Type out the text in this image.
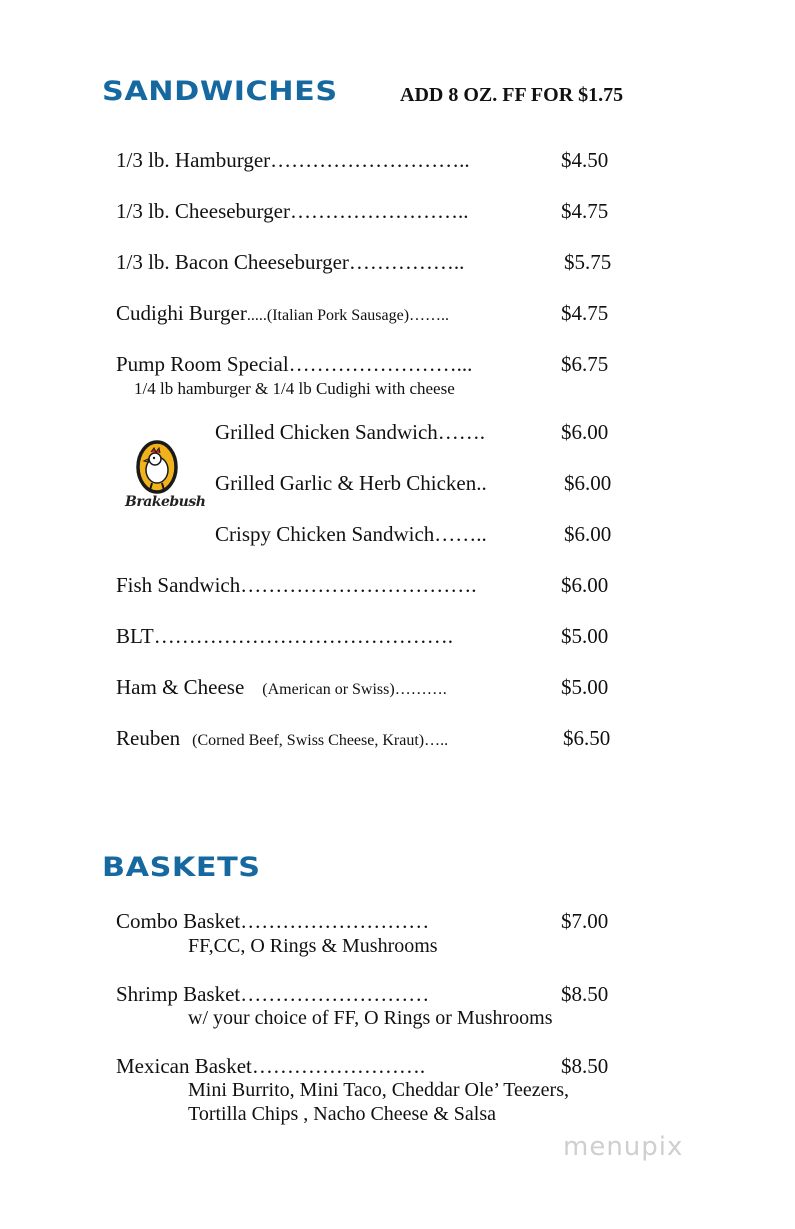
SANDWICHES	ADD 8 OZ. FF FOR $1.75
1/3 lb. Hamburger………………………..	$4.50
1/3 lb. Cheeseburger……………………..	$4.75
1/3 lb. Bacon Cheeseburger……………..	$5.75
Cudighi Burger.....(Italian Pork Sausage)……..	$4.75
Pump Room Special……………………...	$6.75
1/4 lb hamburger & 1/4 lb Cudighi with cheese
Brakebush
Grilled Chicken Sandwich…….	$6.00
Grilled Garlic & Herb Chicken..	$6.00
Crispy Chicken Sandwich……..	$6.00
Fish Sandwich…………………………….	$6.00
BLT…………………………………….	$5.00
Ham & Cheese (American or Swiss)……….	$5.00
Reuben (Corned Beef, Swiss Cheese, Kraut)…..	$6.50
BASKETS
Combo Basket………………………	$7.00
FF,CC, O Rings & Mushrooms
Shrimp Basket………………………	$8.50
w/ your choice of FF, O Rings or Mushrooms
Mexican Basket…………………….	$8.50
Mini Burrito, Mini Taco, Cheddar Ole’ Teezers,
Tortilla Chips , Nacho Cheese & Salsa
menupix
